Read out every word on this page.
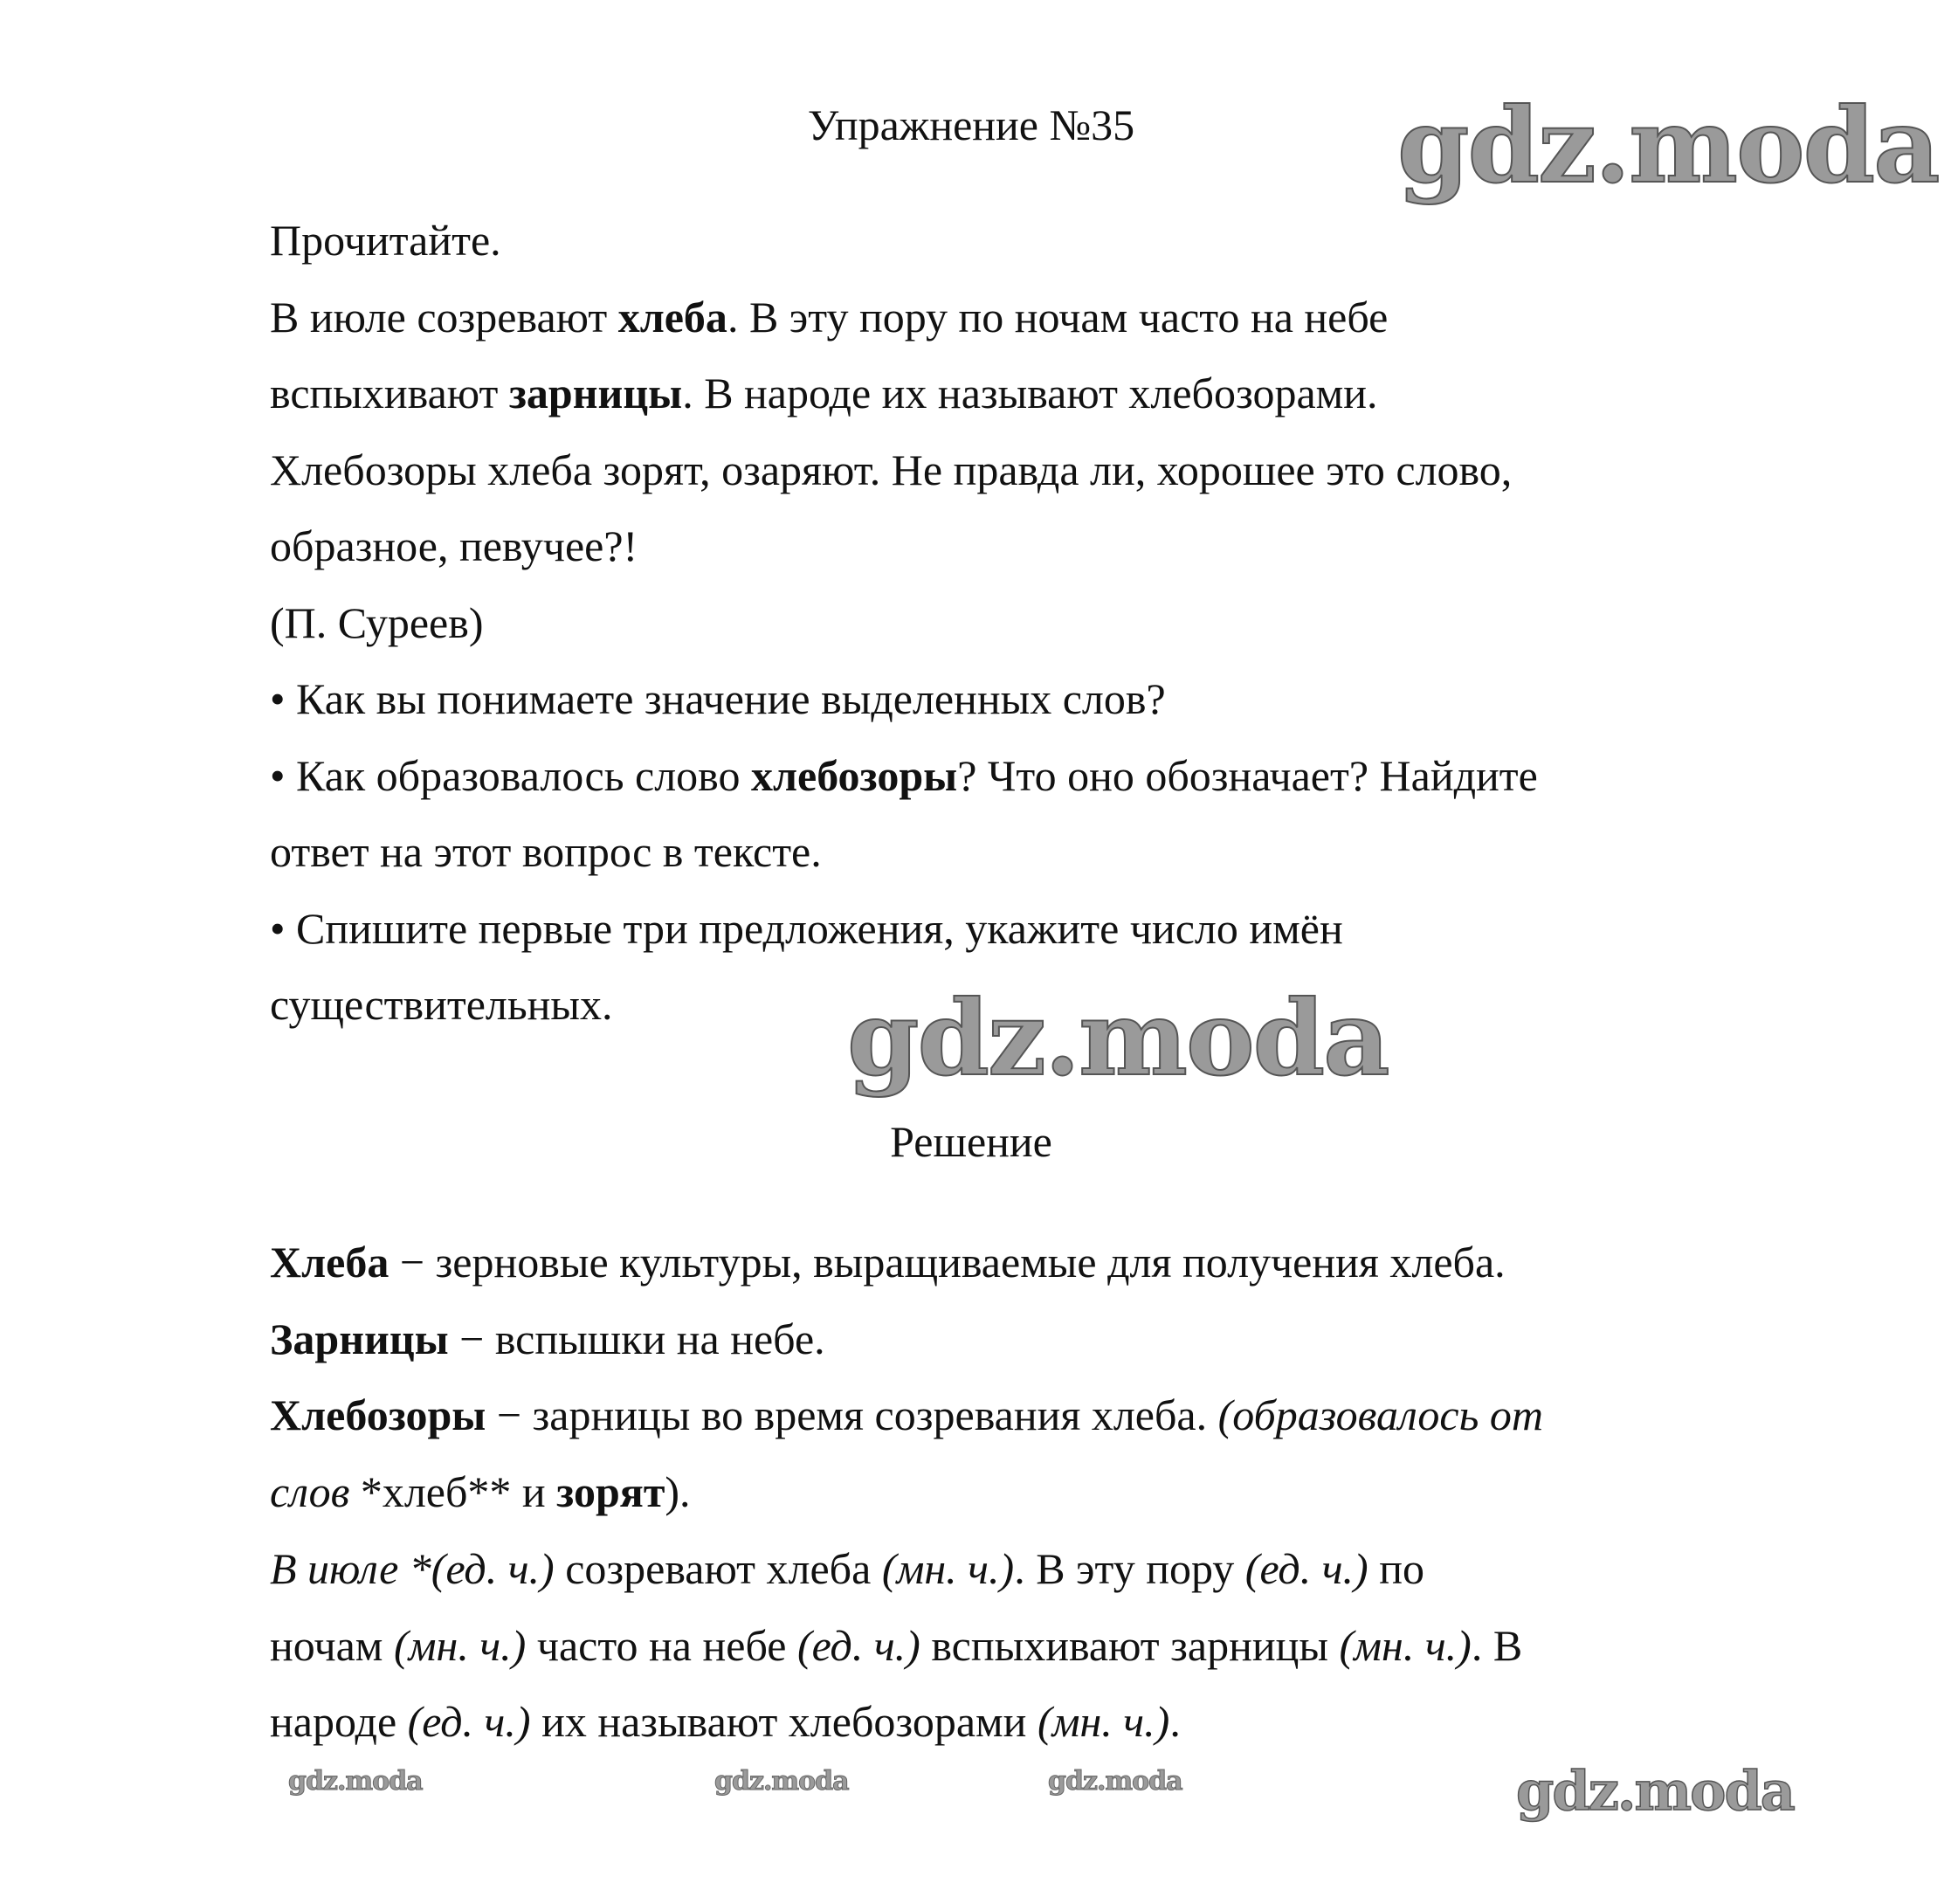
Упражнение №35
Прочитайте.
В июле созревают хлеба. В эту пору по ночам часто на небе
вспыхивают зарницы. В народе их называют хлебозорами.
Хлебозоры хлеба зорят, озаряют. Не правда ли, хорошее это слово,
образное, певучее?!
(П. Суреев)
• Как вы понимаете значение выделенных слов?
• Как образовалось слово хлебозоры? Что оно обозначает? Найдите
ответ на этот вопрос в тексте.
• Спишите первые три предложения, укажите число имён
существительных.
Решение
Хлеба − зерновые культуры, выращиваемые для получения хлеба.
Зарницы − вспышки на небе.
Хлебозоры − зарницы во время созревания хлеба. (образовалось от
слов *хлеб** и зорят).
В июле *(ед. ч.) созревают хлеба (мн. ч.). В эту пору (ед. ч.) по
ночам (мн. ч.) часто на небе (ед. ч.) вспыхивают зарницы (мн. ч.). В
народе (ед. ч.) их называют хлебозорами (мн. ч.).
gdz.moda
gdz.moda
gdz.moda	gdz.moda	gdz.moda	gdz.moda
